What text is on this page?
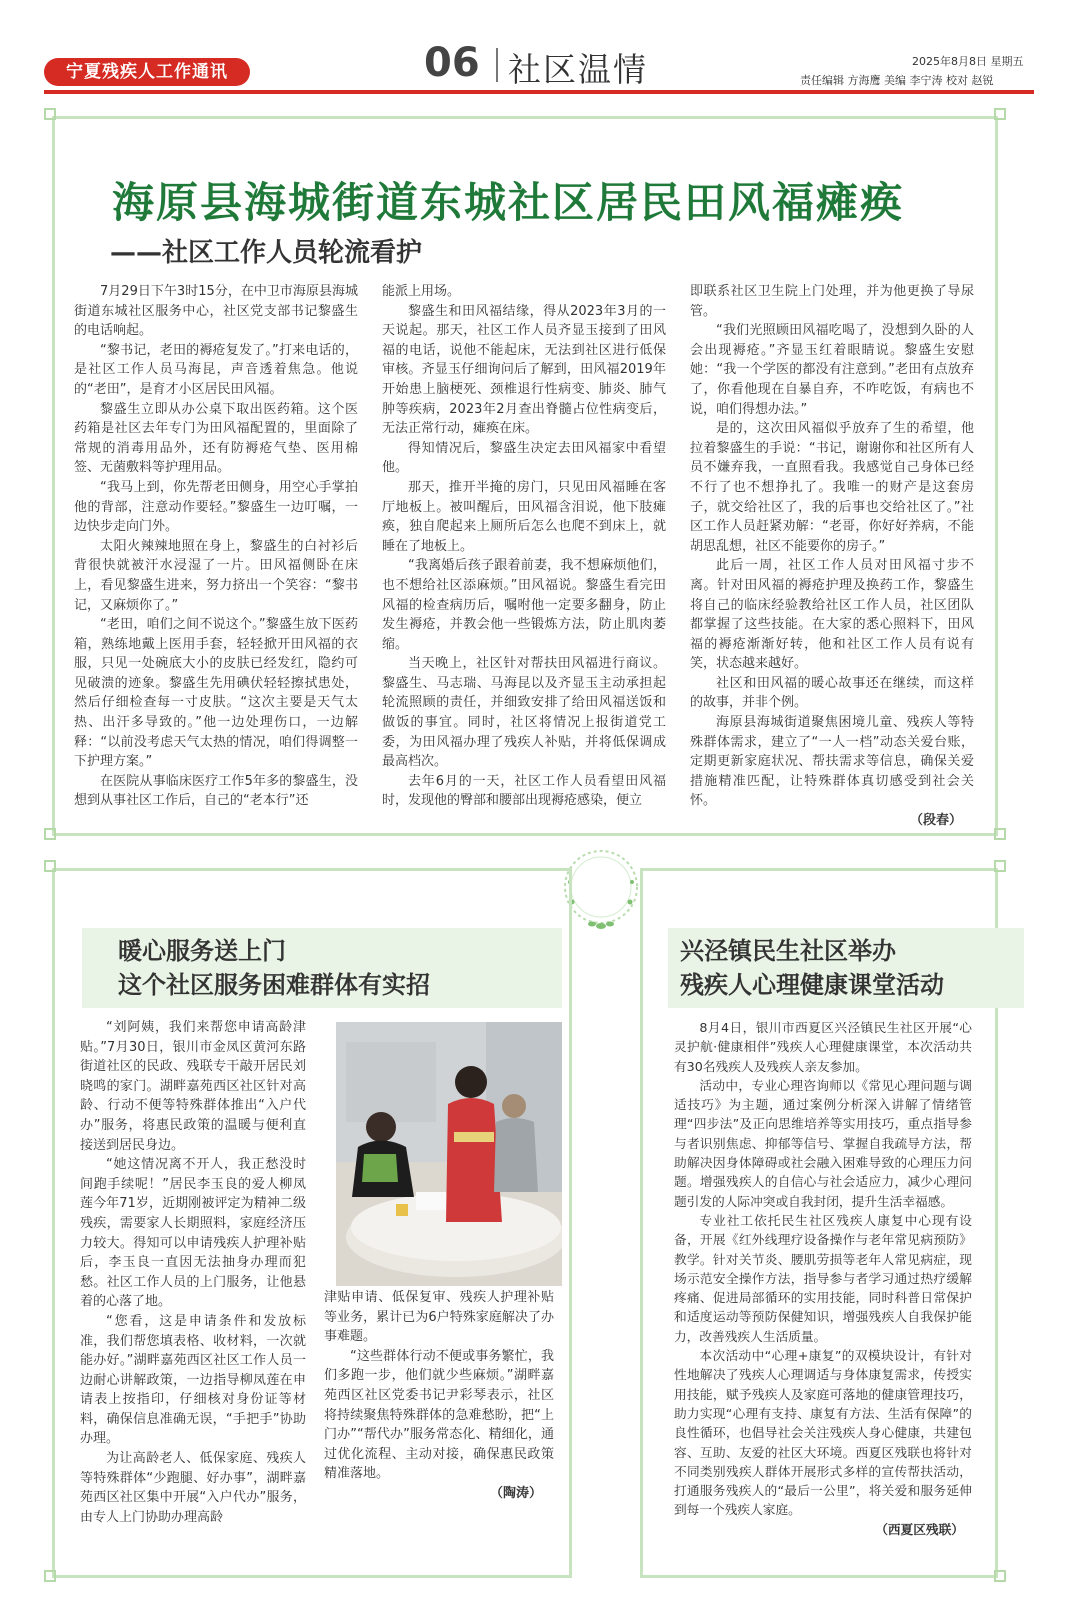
宁夏残疾人工作通讯	06 社区温情	2025年8月8日 星期五
责任编辑 方海鹰 美编 李宁涛 校对 赵锐
海原县海城街道东城社区居民田风福瘫痪
——社区工作人员轮流看护

7月29日下午3时15分，在中卫市海原县海城街道东城社区服务中心，社区党支部书记黎盛生的电话响起。

“黎书记，老田的褥疮复发了。”打来电话的，是社区工作人员马海昆，声音透着焦急。他说的“老田”，是育才小区居民田风福。

黎盛生立即从办公桌下取出医药箱。这个医药箱是社区去年专门为田风福配置的，里面除了常规的消毒用品外，还有防褥疮气垫、医用棉签、无菌敷料等护理用品。

“我马上到，你先帮老田侧身，用空心手掌拍他的背部，注意动作要轻。”黎盛生一边叮嘱，一边快步走向门外。

太阳火辣辣地照在身上，黎盛生的白衬衫后背很快就被汗水浸湿了一片。田风福侧卧在床上，看见黎盛生进来，努力挤出一个笑容：“黎书记，又麻烦你了。”

“老田，咱们之间不说这个。”黎盛生放下医药箱，熟练地戴上医用手套，轻轻掀开田风福的衣服，只见一处碗底大小的皮肤已经发红，隐约可见破溃的迹象。黎盛生先用碘伏轻轻擦拭患处，然后仔细检查每一寸皮肤。“这次主要是天气太热、出汗多导致的。”他一边处理伤口，一边解释：“以前没考虑天气太热的情况，咱们得调整一下护理方案。”

在医院从事临床医疗工作5年多的黎盛生，没想到从事社区工作后，自己的“老本行”还

能派上用场。

黎盛生和田风福结缘，得从2023年3月的一天说起。那天，社区工作人员齐显玉接到了田风福的电话，说他不能起床，无法到社区进行低保审核。齐显玉仔细询问后了解到，田风福2019年开始患上脑梗死、颈椎退行性病变、肺炎、肺气肿等疾病，2023年2月查出脊髓占位性病变后，无法正常行动，瘫痪在床。

得知情况后，黎盛生决定去田风福家中看望他。

那天，推开半掩的房门，只见田风福睡在客厅地板上。被叫醒后，田风福含泪说，他下肢瘫痪，独自爬起来上厕所后怎么也爬不到床上，就睡在了地板上。

“我离婚后孩子跟着前妻，我不想麻烦他们，也不想给社区添麻烦。”田风福说。黎盛生看完田风福的检查病历后，嘱咐他一定要多翻身，防止发生褥疮，并教会他一些锻炼方法，防止肌肉萎缩。

当天晚上，社区针对帮扶田风福进行商议。黎盛生、马志瑞、马海昆以及齐显玉主动承担起轮流照顾的责任，并细致安排了给田风福送饭和做饭的事宜。同时，社区将情况上报街道党工委，为田风福办理了残疾人补贴，并将低保调成最高档次。

去年6月的一天，社区工作人员看望田风福时，发现他的臀部和腰部出现褥疮感染，便立

即联系社区卫生院上门处理，并为他更换了导尿管。

“我们光照顾田风福吃喝了，没想到久卧的人会出现褥疮。”齐显玉红着眼睛说。黎盛生安慰她：“我一个学医的都没有注意到。”老田有点放弃了，你看他现在自暴自弃，不咋吃饭，有病也不说，咱们得想办法。”

是的，这次田风福似乎放弃了生的希望，他拉着黎盛生的手说：“书记，谢谢你和社区所有人员不嫌弃我，一直照看我。我感觉自己身体已经不行了也不想挣扎了。我唯一的财产是这套房子，就交给社区了，我的后事也交给社区了。”社区工作人员赶紧劝解：“老哥，你好好养病，不能胡思乱想，社区不能要你的房子。”

此后一周，社区工作人员对田风福寸步不离。针对田风福的褥疮护理及换药工作，黎盛生将自己的临床经验教给社区工作人员，社区团队都掌握了这些技能。在大家的悉心照料下，田风福的褥疮渐渐好转，他和社区工作人员有说有笑，状态越来越好。

社区和田风福的暖心故事还在继续，而这样的故事，并非个例。

海原县海城街道聚焦困境儿童、残疾人等特殊群体需求，建立了“一人一档”动态关爱台账，定期更新家庭状况、帮扶需求等信息，确保关爱措施精准匹配，让特殊群体真切感受到社会关怀。

（段春）
暖心服务送上门
这个社区服务困难群体有实招

“刘阿姨，我们来帮您申请高龄津贴。”7月30日，银川市金凤区黄河东路街道社区的民政、残联专干敲开居民刘晓鸣的家门。湖畔嘉苑西区社区针对高龄、行动不便等特殊群体推出“入户代办”服务，将惠民政策的温暖与便利直接送到居民身边。

“她这情况离不开人，我正愁没时间跑手续呢！”居民李玉良的爱人柳凤莲今年71岁，近期刚被评定为精神二级残疾，需要家人长期照料，家庭经济压力较大。得知可以申请残疾人护理补贴后，李玉良一直因无法抽身办理而犯愁。社区工作人员的上门服务，让他悬着的心落了地。

“您看，这是申请条件和发放标准，我们帮您填表格、收材料，一次就能办好。”湖畔嘉苑西区社区工作人员一边耐心讲解政策，一边指导柳凤莲在申请表上按指印，仔细核对身份证等材料，确保信息准确无误，“手把手”协助办理。

为让高龄老人、低保家庭、残疾人等特殊群体“少跑腿、好办事”，湖畔嘉苑西区社区集中开展“入户代办”服务，由专人上门协助办理高龄

津贴申请、低保复审、残疾人护理补贴等业务，累计已为6户特殊家庭解决了办事难题。

“这些群体行动不便或事务繁忙，我们多跑一步，他们就少些麻烦。”湖畔嘉苑西区社区党委书记尹彩琴表示，社区将持续聚焦特殊群体的急难愁盼，把“上门办”“帮代办”服务常态化、精细化，通过优化流程、主动对接，确保惠民政策精准落地。

（陶涛）
兴泾镇民生社区举办
残疾人心理健康课堂活动

8月4日，银川市西夏区兴泾镇民生社区开展“心灵护航·健康相伴”残疾人心理健康课堂，本次活动共有30名残疾人及残疾人亲友参加。

活动中，专业心理咨询师以《常见心理问题与调适技巧》为主题，通过案例分析深入讲解了情绪管理“四步法”及正向思维培养等实用技巧，重点指导参与者识别焦虑、抑郁等信号、掌握自我疏导方法，帮助解决因身体障碍或社会融入困难导致的心理压力问题。增强残疾人的自信心与社会适应力，减少心理问题引发的人际冲突或自我封闭，提升生活幸福感。

专业社工依托民生社区残疾人康复中心现有设备，开展《红外线理疗设备操作与老年常见病预防》教学。针对关节炎、腰肌劳损等老年人常见病症，现场示范安全操作方法，指导参与者学习通过热疗缓解疼痛、促进局部循环的实用技能，同时科普日常保护和适度运动等预防保健知识，增强残疾人自我保护能力，改善残疾人生活质量。

本次活动中“心理+康复”的双模块设计，有针对性地解决了残疾人心理调适与身体康复需求，传授实用技能，赋予残疾人及家庭可落地的健康管理技巧，助力实现“心理有支持、康复有方法、生活有保障”的良性循环，也倡导社会关注残疾人身心健康，共建包容、互助、友爱的社区大环境。西夏区残联也将针对不同类别残疾人群体开展形式多样的宣传帮扶活动，打通服务残疾人的“最后一公里”，将关爱和服务延伸到每一个残疾人家庭。

（西夏区残联）
